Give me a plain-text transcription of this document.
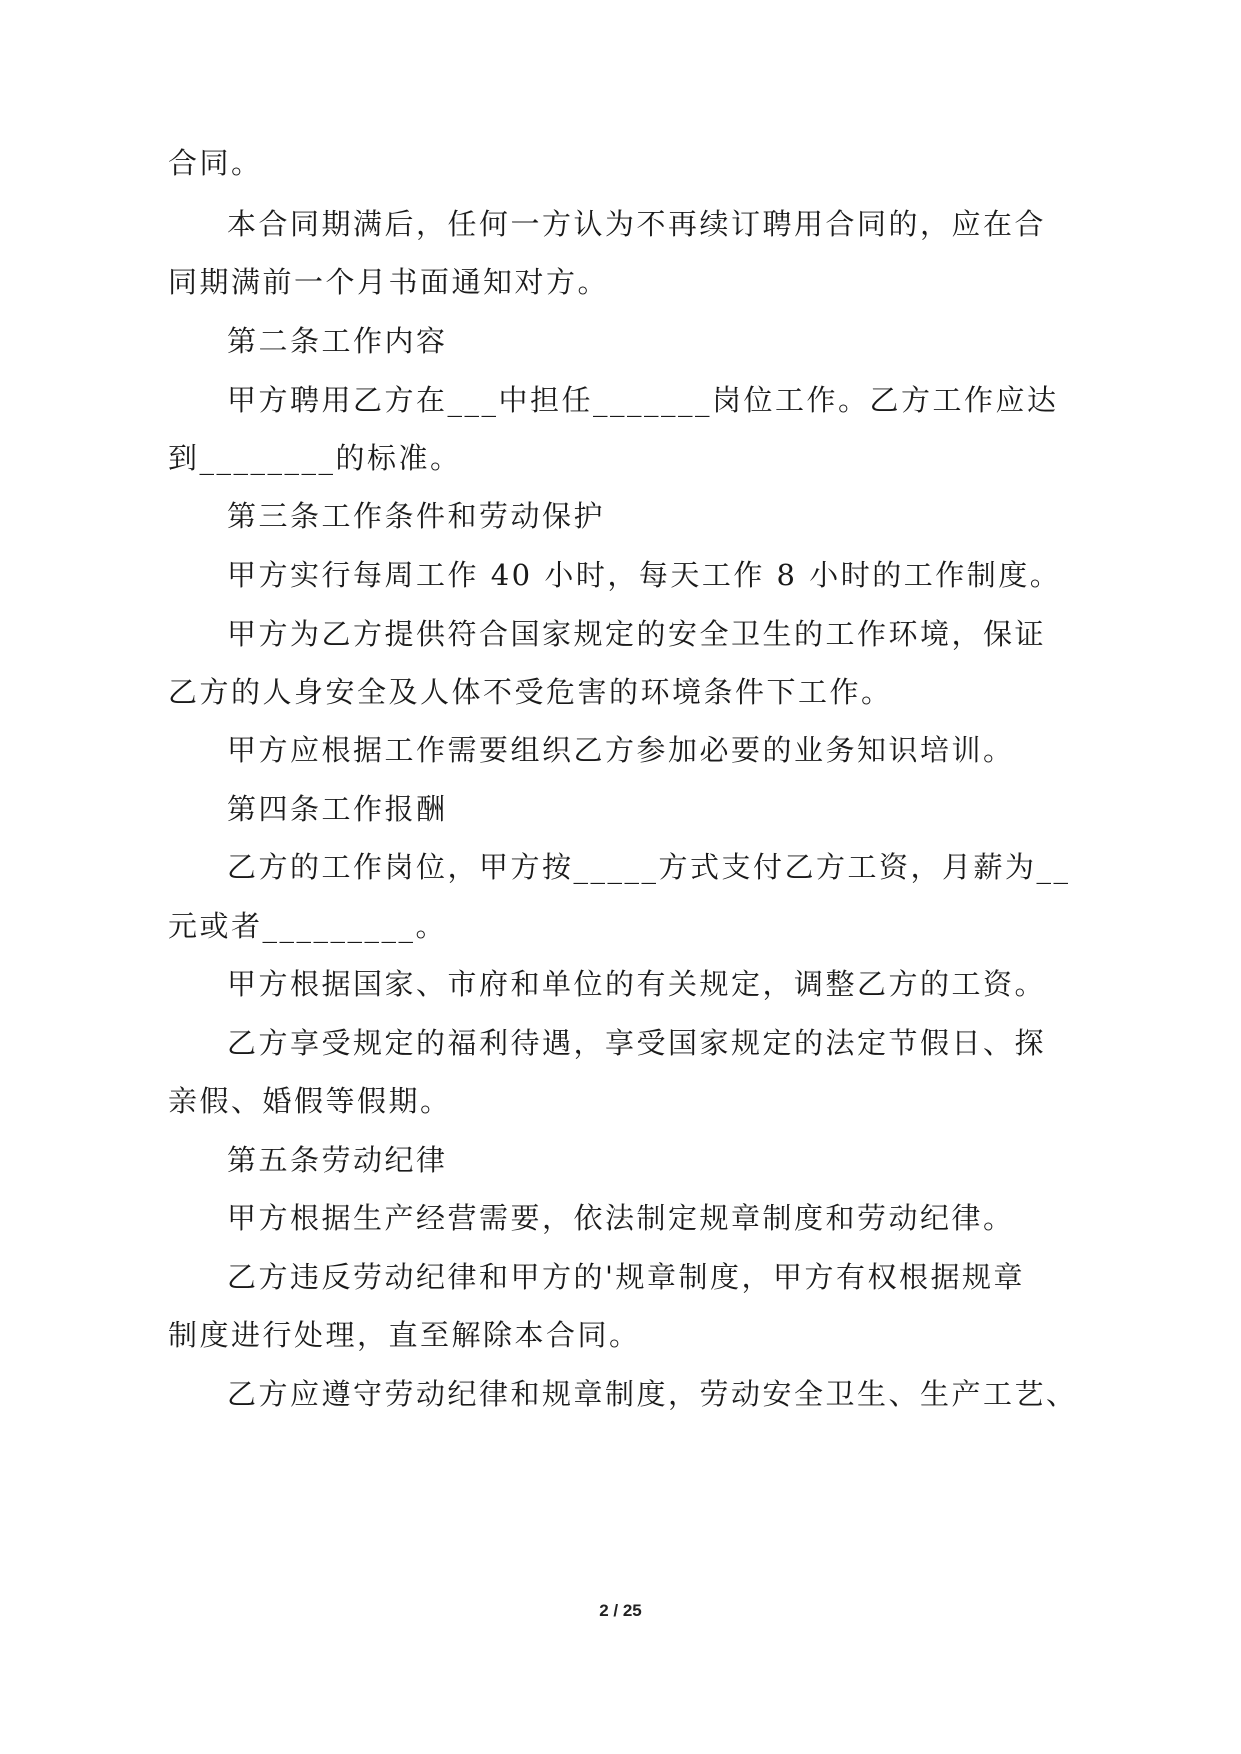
合同。
本合同期满后，任何一方认为不再续订聘用合同的，应在合
同期满前一个月书面通知对方。
第二条工作内容
甲方聘用乙方在___中担任_______岗位工作。乙方工作应达
到________的标准。
第三条工作条件和劳动保护
甲方实行每周工作 40 小时，每天工作 8 小时的工作制度。
甲方为乙方提供符合国家规定的安全卫生的工作环境，保证
乙方的人身安全及人体不受危害的环境条件下工作。
甲方应根据工作需要组织乙方参加必要的业务知识培训。
第四条工作报酬
乙方的工作岗位，甲方按_____方式支付乙方工资，月薪为__
元或者_________。
甲方根据国家、市府和单位的有关规定，调整乙方的工资。
乙方享受规定的福利待遇，享受国家规定的法定节假日、探
亲假、婚假等假期。
第五条劳动纪律
甲方根据生产经营需要，依法制定规章制度和劳动纪律。
乙方违反劳动纪律和甲方的'规章制度，甲方有权根据规章
制度进行处理，直至解除本合同。
乙方应遵守劳动纪律和规章制度，劳动安全卫生、生产工艺、
2 / 25
